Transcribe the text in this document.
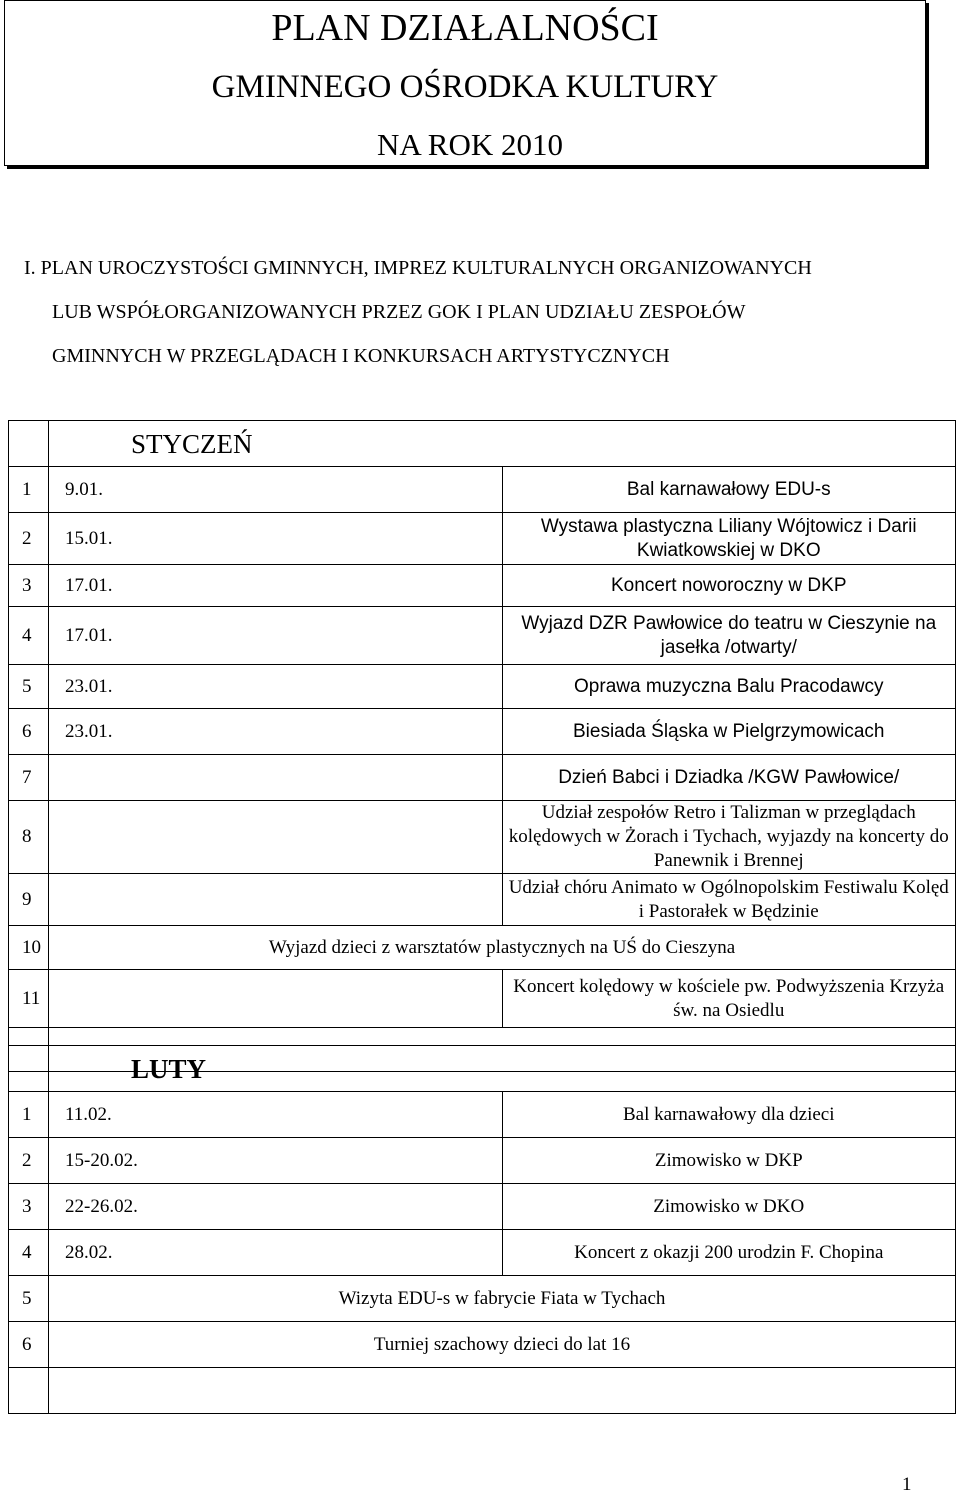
PLAN DZIAŁALNOŚCI
GMINNEGO OŚRODKA KULTURY
NA ROK 2010
I. PLAN UROCZYSTOŚCI GMINNYCH, IMPREZ KULTURALNYCH ORGANIZOWANYCH
LUB WSPÓŁORGANIZOWANYCH PRZEZ GOK I PLAN UDZIAŁU ZESPOŁÓW
GMINNYCH W PRZEGLĄDACH I KONKURSACH ARTYSTYCZNYCH
	STYCZEŃ	
1	9.01.	Bal karnawałowy EDU-s
2	15.01.	Wystawa plastyczna Liliany Wójtowicz i Darii Kwiatkowskiej w DKO
3	17.01.	Koncert noworoczny w DKP
4	17.01.	Wyjazd DZR Pawłowice do teatru w Cieszynie na jasełka /otwarty/
5	23.01.	Oprawa muzyczna Balu Pracodawcy
6	23.01.	Biesiada Śląska w Pielgrzymowicach
7		Dzień Babci i Dziadka /KGW Pawłowice/
8		Udział zespołów Retro i Talizman w przeglądach kolędowych w Żorach i Tychach, wyjazdy na koncerty do Panewnik i Brennej
9		Udział chóru Animato w Ogólnopolskim Festiwalu Kolęd i Pastorałek w Będzinie
10	Wyjazd dzieci z warsztatów plastycznych na UŚ do Cieszyna	
11		Koncert kolędowy w kościele pw. Podwyższenia Krzyża św. na Osiedlu

	LUTY	
1	11.02.	Bal karnawałowy dla dzieci
2	15-20.02.	Zimowisko w DKP
3	22-26.02.	Zimowisko w DKO
4	28.02.	Koncert z okazji 200 urodzin F. Chopina
5	Wizyta EDU-s w fabrycie Fiata w Tychach	
6	Turniej szachowy dzieci do lat 16	

1
